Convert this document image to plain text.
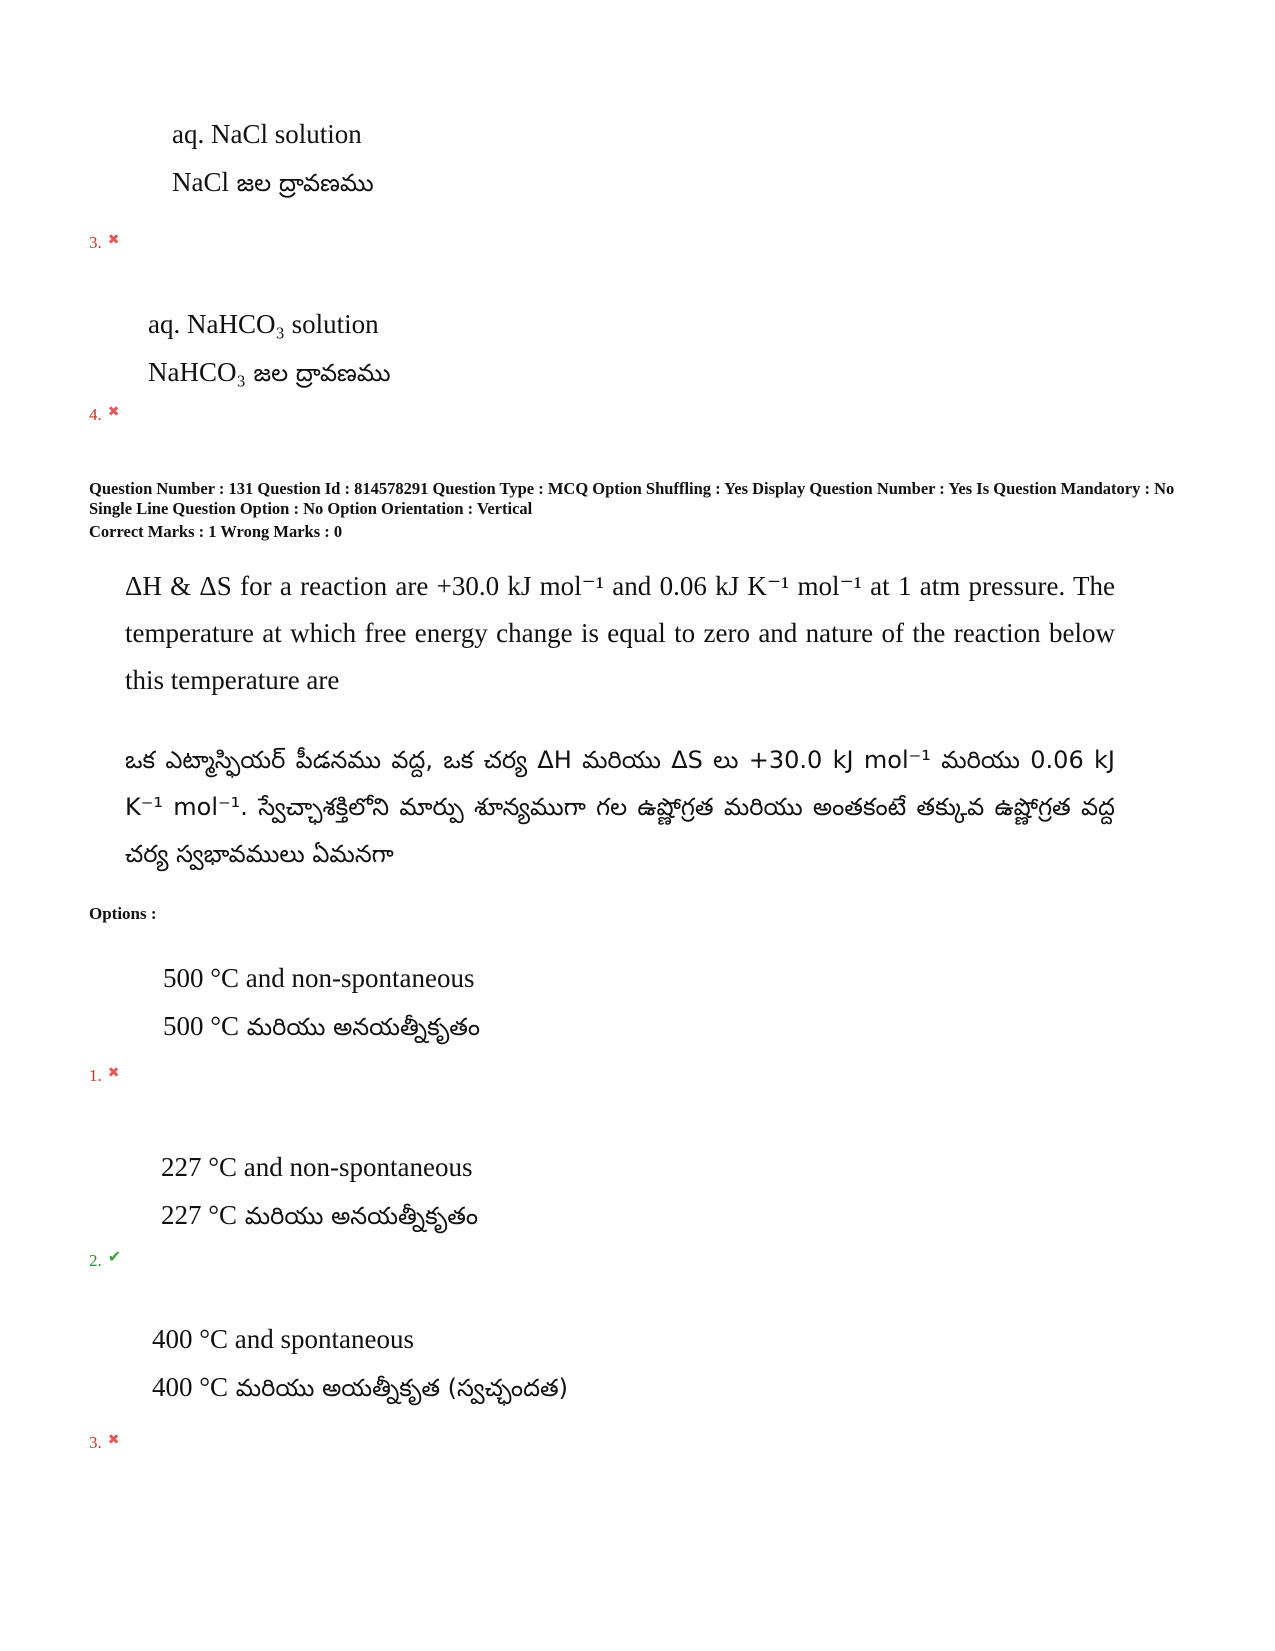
aq. NaCl solution
NaCl జల ద్రావణము
3. ✖
aq. NaHCO₃ solution
NaHCO₃ జల ద్రావణము
4. ✖
Question Number : 131 Question Id : 814578291 Question Type : MCQ Option Shuffling : Yes Display Question Number : Yes Is Question Mandatory : No Single Line Question Option : No Option Orientation : Vertical
Correct Marks : 1 Wrong Marks : 0
ΔH & ΔS for a reaction are +30.0 kJ mol⁻¹ and 0.06 kJ K⁻¹ mol⁻¹ at 1 atm pressure. The temperature at which free energy change is equal to zero and nature of the reaction below this temperature are
ఒక ఎట్మాస్ఫియర్ పీడనము వద్ద, ఒక చర్య ΔH మరియు ΔS లు +30.0 kJ mol⁻¹ మరియు 0.06 kJ K⁻¹ mol⁻¹. స్వేచ్ఛాశక్తిలోని మార్పు శూన్యముగా గల ఉష్ణోగ్రత మరియు అంతకంటే తక్కువ ఉష్ణోగ్రత వద్ద చర్య స్వభావములు ఏమనగా
Options :
500 °C and non-spontaneous
500 °C మరియు అనయత్నీకృతం
1. ✖
227 °C and non-spontaneous
227 °C మరియు అనయత్నీకృతం
2. ✔
400 °C and spontaneous
400 °C మరియు అయత్నీకృత (స్వచ్ఛందత)
3. ✖
